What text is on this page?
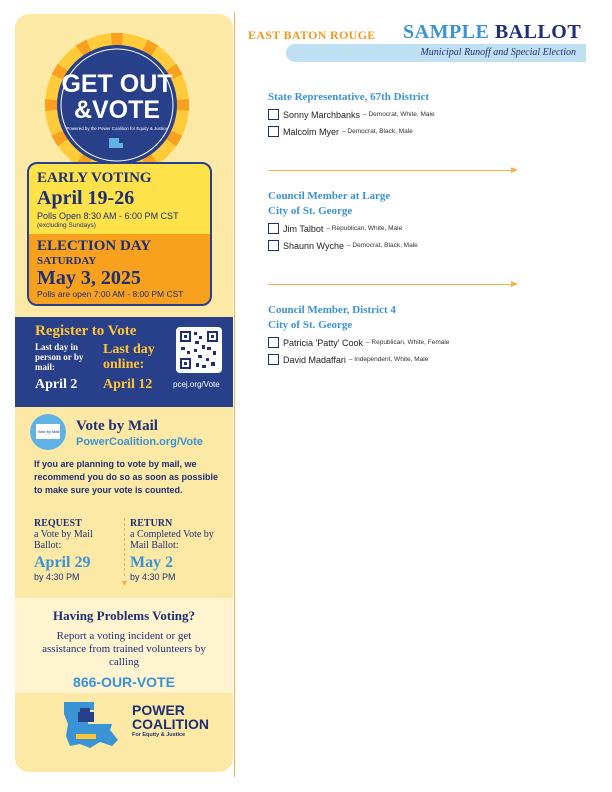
GET OUT
&VOTE
Powered by the Power Coalition for Equity & Justice
EARLY VOTING
April 19-26
Polls Open 8:30 AM - 6:00 PM CST
(excluding Sundays)
ELECTION DAY
SATURDAY
May 3, 2025
Polls are open 7:00 AM - 8:00 PM CST
Register to Vote
Last day in person or by mail:
Last day online:
April 2 April 12	pcej.org/Vote
Vote by Mail Vote by Mail
PowerCoalition.org/Vote
If you are planning to vote by mail, we recommend you do so as soon as possible to make sure your vote is counted.
REQUEST
a Vote by Mail Ballot:
April 29
by 4:30 PM
▼
RETURN
a Completed Vote by Mail Ballot:
May 2
by 4:30 PM
Having Problems Voting?
Report a voting incident or get assistance from trained volunteers by calling
866-OUR-VOTE
POWER
COALITION
For Equity & Justice
EAST BATON ROUGE SAMPLE BALLOT
Municipal Runoff and Special Election
State Representative, 67th District
Sonny Marchbanks – Democrat, White, Male
Malcolm Myer – Democrat, Black, Male
Council Member at Large
City of St. George
Jim Talbot – Republican, White, Male
Shaunn Wyche – Democrat, Black, Male
Council Member, District 4
City of St. George
Patricia 'Patty' Cook – Republican, White, Female
David Madaffari – Independent, White, Male
